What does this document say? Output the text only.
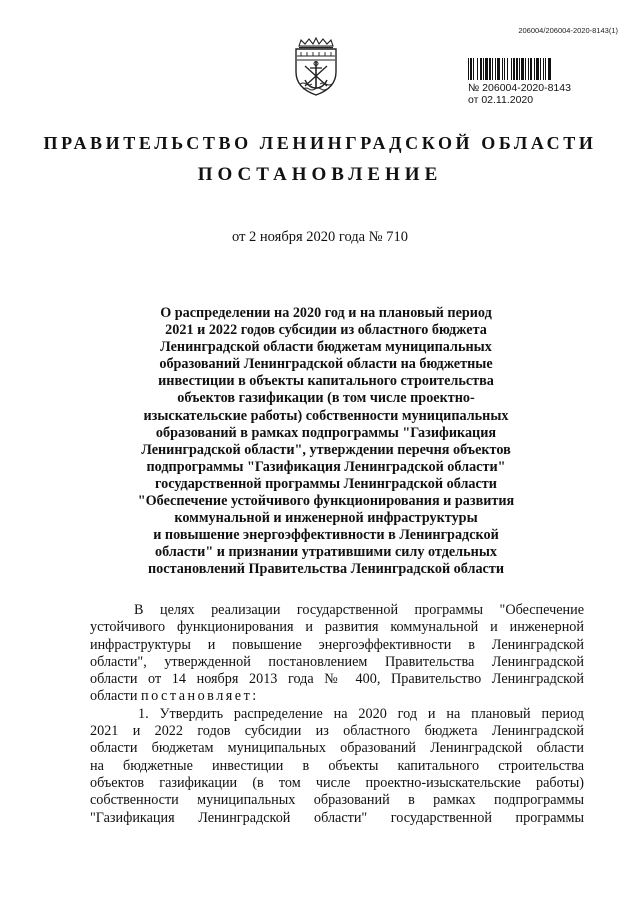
206004/206004-2020-8143(1)
№ 206004-2020-8143
от 02.11.2020
ПРАВИТЕЛЬСТВО ЛЕНИНГРАДСКОЙ ОБЛАСТИ
ПОСТАНОВЛЕНИЕ
от 2 ноября 2020 года № 710
О распределении на 2020 год и на плановый период
2021 и 2022 годов субсидии из областного бюджета
Ленинградской области бюджетам муниципальных
образований Ленинградской области на бюджетные
инвестиции в объекты капитального строительства
объектов газификации (в том числе проектно-
изыскательские работы) собственности муниципальных
образований в рамках подпрограммы "Газификация
Ленинградской области", утверждении перечня объектов
подпрограммы "Газификация Ленинградской области"
государственной программы Ленинградской области
"Обеспечение устойчивого функционирования и развития
коммунальной и инженерной инфраструктуры
и повышение энергоэффективности в Ленинградской
области" и признании утратившими силу отдельных
постановлений Правительства Ленинградской области
В целях реализации государственной программы "Обеспечение
устойчивого функционирования и развития коммунальной и инженерной
инфраструктуры и повышение энергоэффективности в Ленинградской
области", утвержденной постановлением Правительства Ленинградской
области от 14 ноября 2013 года № 400, Правительство Ленинградской
области постановляет:
1. Утвердить распределение на 2020 год и на плановый период
2021 и 2022 годов субсидии из областного бюджета Ленинградской
области бюджетам муниципальных образований Ленинградской области
на бюджетные инвестиции в объекты капитального строительства
объектов газификации (в том числе проектно-изыскательские работы)
собственности муниципальных образований в рамках подпрограммы
"Газификация Ленинградской области" государственной программы
